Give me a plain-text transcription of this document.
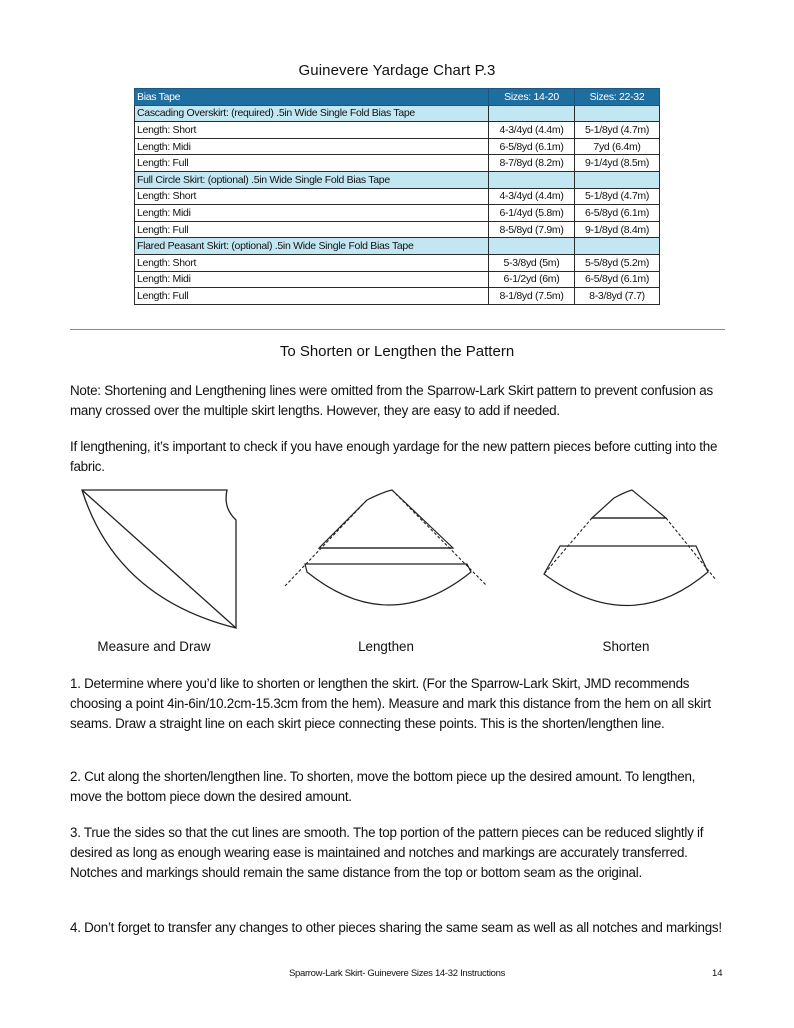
Guinevere Yardage Chart P.3
Bias Tape	Sizes: 14-20	Sizes: 22-32
Cascading Overskirt: (required) .5in Wide Single Fold Bias Tape		
Length: Short	4-3/4yd (4.4m)	5-1/8yd (4.7m)
Length: Midi	6-5/8yd (6.1m)	7yd (6.4m)
Length: Full	8-7/8yd (8.2m)	9-1/4yd (8.5m)
Full Circle Skirt: (optional) .5in Wide Single Fold Bias Tape		
Length: Short	4-3/4yd (4.4m)	5-1/8yd (4.7m)
Length: Midi	6-1/4yd (5.8m)	6-5/8yd (6.1m)
Length: Full	8-5/8yd (7.9m)	9-1/8yd (8.4m)
Flared Peasant Skirt: (optional) .5in Wide Single Fold Bias Tape		
Length: Short	5-3/8yd (5m)	5-5/8yd (5.2m)
Length: Midi	6-1/2yd (6m)	6-5/8yd (6.1m)
Length: Full	8-1/8yd (7.5m)	8-3/8yd (7.7)
To Shorten or Lengthen the Pattern

Note: Shortening and Lengthening lines were omitted from the Sparrow-Lark Skirt pattern to prevent confusion as many crossed over the multiple skirt lengths. However, they are easy to add if needed.

If lengthening, it’s important to check if you have enough yardage for the new pattern pieces before cutting into the fabric.

Measure and Draw	Lengthen	Shorten

1. Determine where you’d like to shorten or lengthen the skirt. (For the Sparrow-Lark Skirt, JMD recommends choosing a point 4in-6in/10.2cm-15.3cm from the hem). Measure and mark this distance from the hem on all skirt seams. Draw a straight line on each skirt piece connecting these points. This is the shorten/lengthen line.

2. Cut along the shorten/lengthen line. To shorten, move the bottom piece up the desired amount. To lengthen, move the bottom piece down the desired amount.

3. True the sides so that the cut lines are smooth. The top portion of the pattern pieces can be reduced slightly if desired as long as enough wearing ease is maintained and notches and markings are accurately transferred. Notches and markings should remain the same distance from the top or bottom seam as the original.

4. Don’t forget to transfer any changes to other pieces sharing the same seam as well as all notches and markings!

Sparrow-Lark Skirt- Guinevere Sizes 14-32 Instructions	14
